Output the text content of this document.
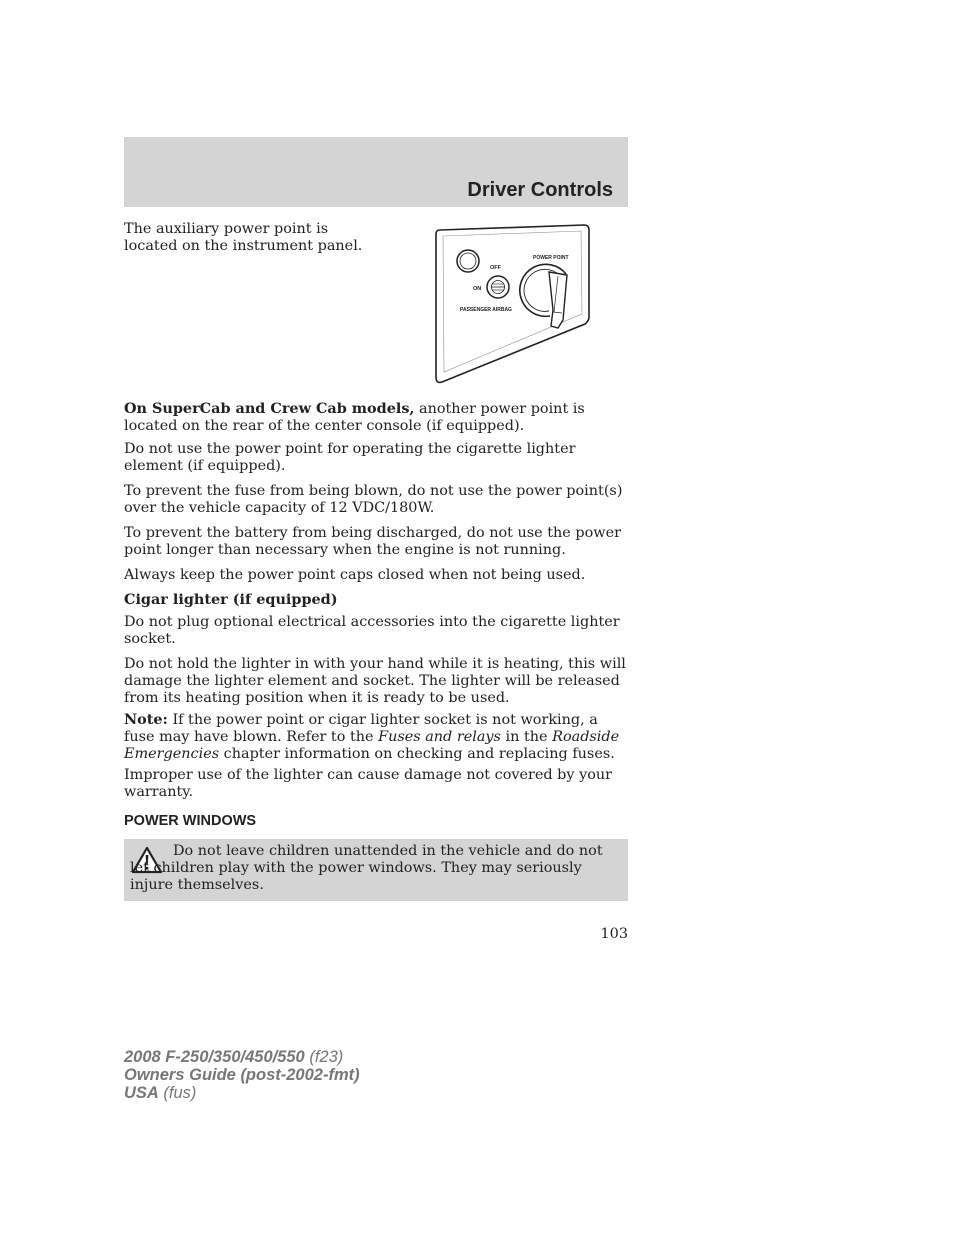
Driver Controls

The auxiliary power point is located on the instrument panel.

OFF
ON
PASSENGER AIRBAG
POWER POINT

On SuperCab and Crew Cab models, another power point is located on the rear of the center console (if equipped).

Do not use the power point for operating the cigarette lighter element (if equipped).

To prevent the fuse from being blown, do not use the power point(s) over the vehicle capacity of 12 VDC/180W.

To prevent the battery from being discharged, do not use the power point longer than necessary when the engine is not running.

Always keep the power point caps closed when not being used.

Cigar lighter (if equipped)

Do not plug optional electrical accessories into the cigarette lighter socket.

Do not hold the lighter in with your hand while it is heating, this will damage the lighter element and socket. The lighter will be released from its heating position when it is ready to be used.

Note: If the power point or cigar lighter socket is not working, a fuse may have blown. Refer to the Fuses and relays in the Roadside Emergencies chapter information on checking and replacing fuses.

Improper use of the lighter can cause damage not covered by your warranty.

POWER WINDOWS

Do not leave children unattended in the vehicle and do not let children play with the power windows. They may seriously injure themselves.

103
2008 F-250/350/450/550 (f23)
Owners Guide (post-2002-fmt)
USA (fus)
